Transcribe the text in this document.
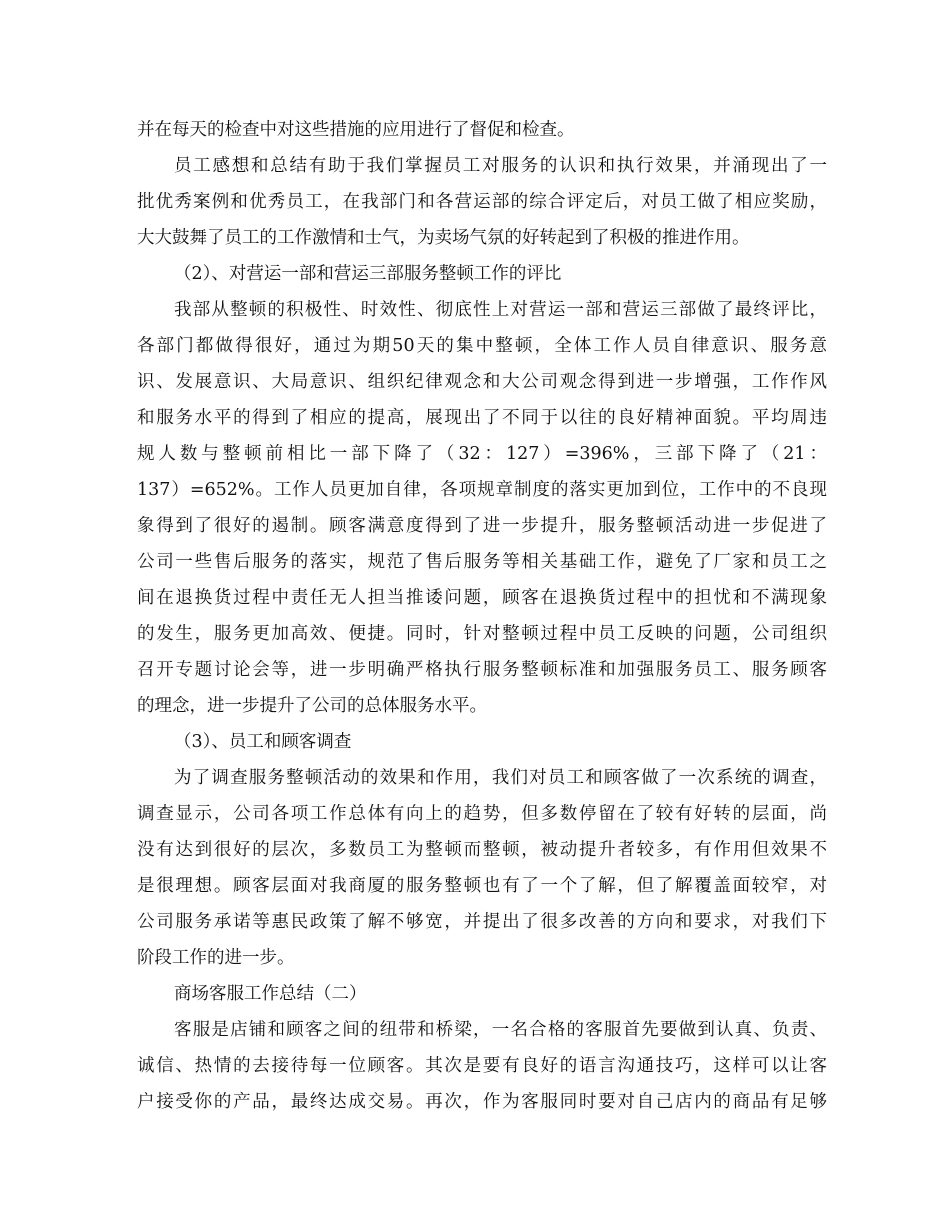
并在每天的检查中对这些措施的应用进行了督促和检查。
员工感想和总结有助于我们掌握员工对服务的认识和执行效果，并涌现出了一
批优秀案例和优秀员工，在我部门和各营运部的综合评定后，对员工做了相应奖励，
大大鼓舞了员工的工作激情和士气，为卖场气氛的好转起到了积极的推进作用。
（2）、对营运一部和营运三部服务整顿工作的评比
我部从整顿的积极性、时效性、彻底性上对营运一部和营运三部做了最终评比，
各部门都做得很好，通过为期50天的集中整顿，全体工作人员自律意识、服务意
识、发展意识、大局意识、组织纪律观念和大公司观念得到进一步增强，工作作风
和服务水平的得到了相应的提高，展现出了不同于以往的良好精神面貌。平均周违
规人数与整顿前相比一部下降了（32：127）=396%，三部下降了（21：
137）=652%。工作人员更加自律，各项规章制度的落实更加到位，工作中的不良现
象得到了很好的遏制。顾客满意度得到了进一步提升，服务整顿活动进一步促进了
公司一些售后服务的落实，规范了售后服务等相关基础工作，避免了厂家和员工之
间在退换货过程中责任无人担当推诿问题，顾客在退换货过程中的担忧和不满现象
的发生，服务更加高效、便捷。同时，针对整顿过程中员工反映的问题，公司组织
召开专题讨论会等，进一步明确严格执行服务整顿标准和加强服务员工、服务顾客
的理念，进一步提升了公司的总体服务水平。
（3）、员工和顾客调查
为了调查服务整顿活动的效果和作用，我们对员工和顾客做了一次系统的调查，
调查显示，公司各项工作总体有向上的趋势，但多数停留在了较有好转的层面，尚
没有达到很好的层次，多数员工为整顿而整顿，被动提升者较多，有作用但效果不
是很理想。顾客层面对我商厦的服务整顿也有了一个了解，但了解覆盖面较窄，对
公司服务承诺等惠民政策了解不够宽，并提出了很多改善的方向和要求，对我们下
阶段工作的进一步。
商场客服工作总结（二）
客服是店铺和顾客之间的纽带和桥梁，一名合格的客服首先要做到认真、负责、
诚信、热情的去接待每一位顾客。其次是要有良好的语言沟通技巧，这样可以让客
户接受你的产品，最终达成交易。再次，作为客服同时要对自己店内的商品有足够
